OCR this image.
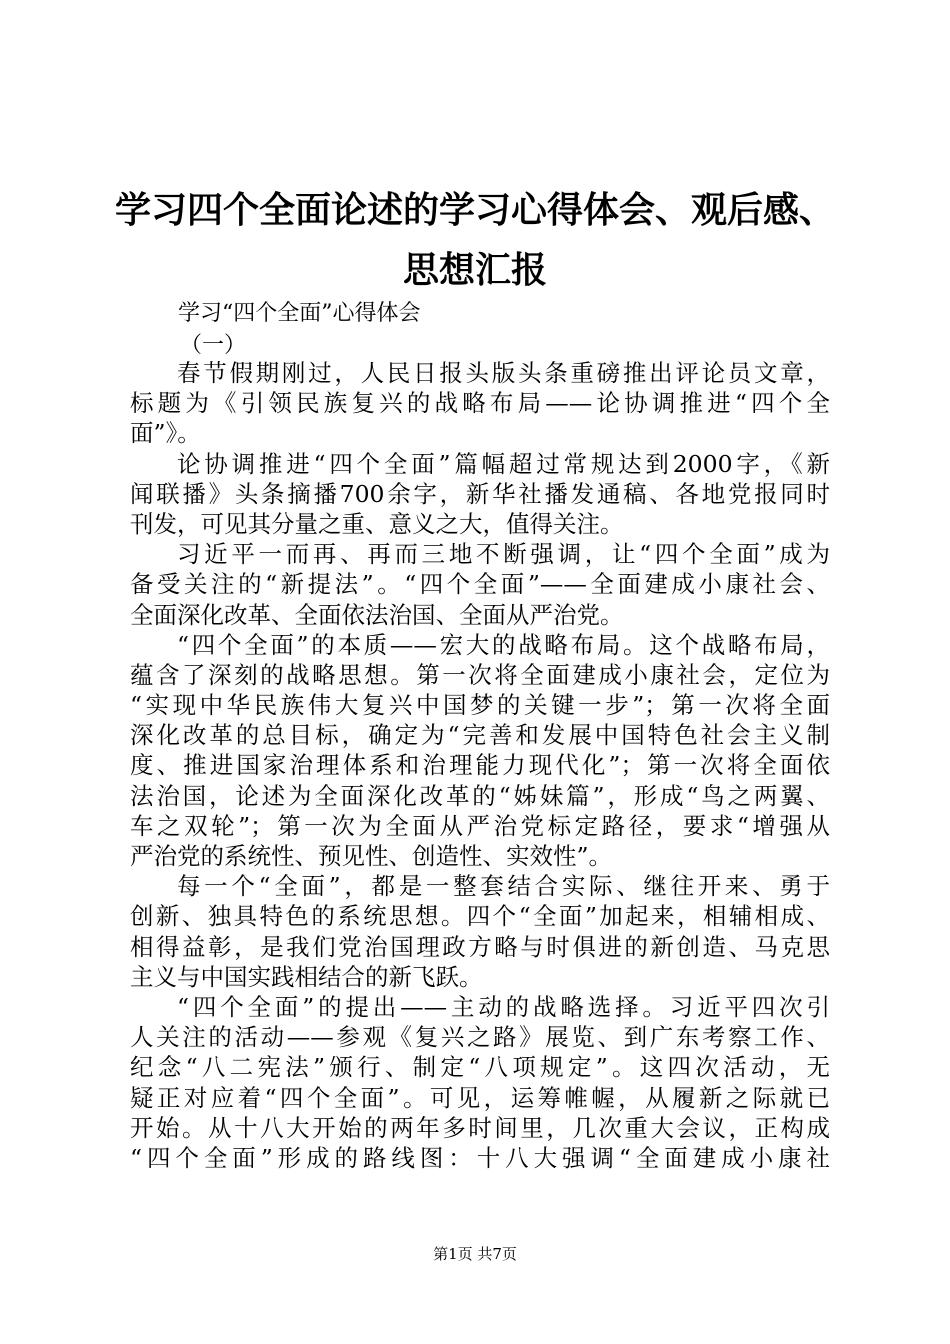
学习四个全面论述的学习心得体会、观后感、
思想汇报
学习“四个全面”心得体会
（一）
春节假期刚过，人民日报头版头条重磅推出评论员文章，
标题为《引领民族复兴的战略布局——论协调推进“四个全
面”》。
论协调推进“四个全面”篇幅超过常规达到2000字，《新
闻联播》头条摘播700余字，新华社播发通稿、各地党报同时
刊发，可见其分量之重、意义之大，值得关注。
习近平一而再、再而三地不断强调，让“四个全面”成为
备受关注的“新提法”。“四个全面”——全面建成小康社会、
全面深化改革、全面依法治国、全面从严治党。
“四个全面”的本质——宏大的战略布局。这个战略布局，
蕴含了深刻的战略思想。第一次将全面建成小康社会，定位为
“实现中华民族伟大复兴中国梦的关键一步”；第一次将全面
深化改革的总目标，确定为“完善和发展中国特色社会主义制
度、推进国家治理体系和治理能力现代化”；第一次将全面依
法治国，论述为全面深化改革的“姊妹篇”，形成“鸟之两翼、
车之双轮”；第一次为全面从严治党标定路径，要求“增强从
严治党的系统性、预见性、创造性、实效性”。
每一个“全面”，都是一整套结合实际、继往开来、勇于
创新、独具特色的系统思想。四个“全面”加起来，相辅相成、
相得益彰，是我们党治国理政方略与时俱进的新创造、马克思
主义与中国实践相结合的新飞跃。
“四个全面”的提出——主动的战略选择。习近平四次引
人关注的活动——参观《复兴之路》展览、到广东考察工作、
纪念“八二宪法”颁行、制定“八项规定”。这四次活动，无
疑正对应着“四个全面”。可见，运筹帷幄，从履新之际就已
开始。从十八大开始的两年多时间里，几次重大会议，正构成
“四个全面”形成的路线图：十八大强调“全面建成小康社
第1页 共7页
